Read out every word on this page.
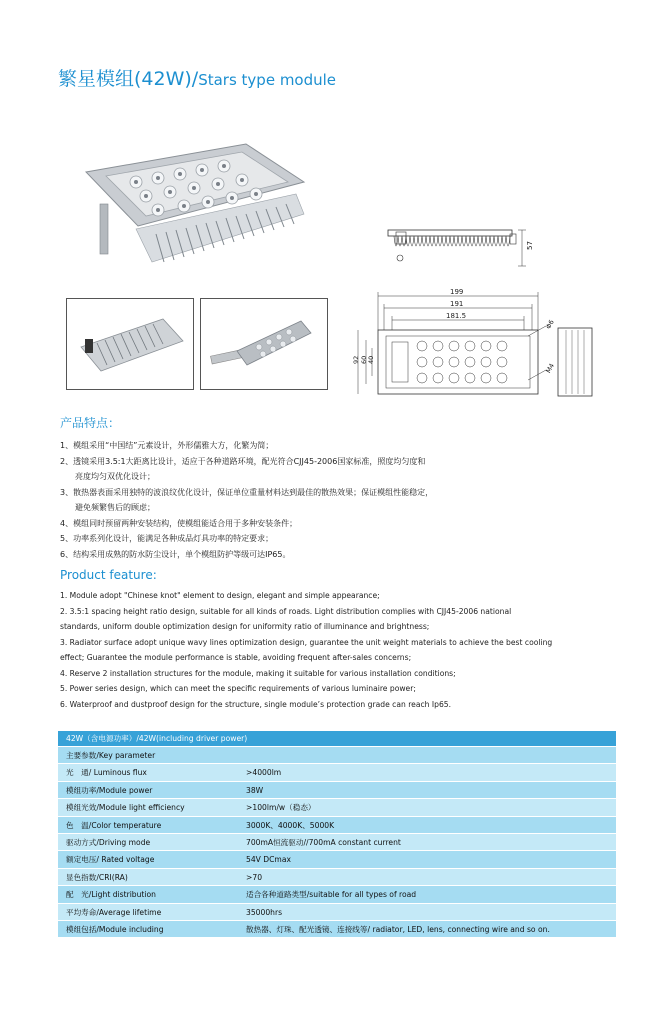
繁星模组(42W)/Stars type module
57
199
191
181.5
92 60 40
Φ6
M4
产品特点：
1、模组采用“中国结”元素设计，外形儒雅大方，化繁为简；
2、透镜采用3.5:1大距离比设计，适应于各种道路环境，配光符合CJJ45-2006国家标准，照度均匀度和
亮度均匀双优化设计；
3、散热器表面采用独特的波浪纹优化设计，保证单位重量材料达到最佳的散热效果；保证模组性能稳定，
避免频繁售后的顾虑；
4、模组同时预留两种安装结构，使模组能适合用于多种安装条件；
5、功率系列化设计，能满足各种成品灯具功率的特定要求；
6、结构采用成熟的防水防尘设计，单个模组防护等级可达IP65。
Product feature:
1. Module adopt "Chinese knot" element to design, elegant and simple appearance;
2. 3.5:1 spacing height ratio design, suitable for all kinds of roads. Light distribution complies with CJJ45-2006 national
standards, uniform double optimization design for uniformity ratio of illuminance and brightness;
3. Radiator surface adopt unique wavy lines optimization design, guarantee the unit weight materials to achieve the best cooling
effect; Guarantee the module performance is stable, avoiding frequent after-sales concerns;
4. Reserve 2 installation structures for the module, making it suitable for various installation conditions;
5. Power series design, which can meet the specific requirements of various luminaire power;
6. Waterproof and dustproof design for the structure, single module’s protection grade can reach Ip65.
42W（含电源功率）/42W(including driver power)
主要参数/Key parameter
光　通/ Luminous flux	>4000lm
模组功率/Module power	38W
模组光效/Module light efficiency	>100lm/w（稳态）
色　温/Color temperature	3000K、4000K、5000K
驱动方式/Driving mode	700mA恒流驱动//700mA constant current
额定电压/ Rated voltage	54V DCmax
显色指数/CRI(RA)	>70
配　光/Light distribution	适合各种道路类型/suitable for all types of road
平均寿命/Average lifetime	35000hrs
模组包括/Module including	散热器、灯珠、配光透镜、连接线等/ radiator, LED, lens, connecting wire and so on.
